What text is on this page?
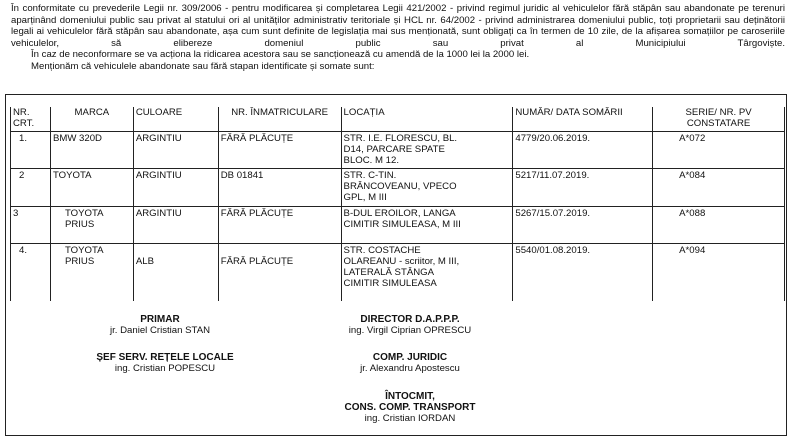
În conformitate cu prevederile Legii nr. 309/2006 - pentru modificarea și completarea Legii 421/2002 - privind regimul juridic al vehiculelor fără stăpân sau abandonate pe terenuri aparținând domeniului public sau privat al statului ori al unităților administrativ teritoriale și HCL nr. 64/2002 - privind administrarea domeniului public, toți proprietarii sau deținătorii legali ai vehiculelor fără stăpân sau abandonate, așa cum sunt definite de legislația mai sus menționată, sunt obligați ca în termen de 10 zile, de la afișarea somațiilor pe caroseriile vehiculelor, să elibereze domeniul public sau privat al Municipiului Târgoviște.

În caz de neconformare se va acționa la ridicarea acestora sau se sancționează cu amendă de la 1000 lei la 2000 lei.

Menționăm că vehiculele abandonate sau fără stapan identificate și somate sunt:

NR. CRT.	MARCA	CULOARE	NR. ÎNMATRICULARE	LOCAȚIA	NUMĂR/ DATA SOMĂRII	SERIE/ NR. PV CONSTATARE
1.	BMW 320D	ARGINTIU	FĂRĂ PLĂCUȚE	STR. I.E. FLORESCU, BL. D14, PARCARE SPATE BLOC. M 12.	4779/20.06.2019.	A*072
2	TOYOTA	ARGINTIU	DB 01841	STR. C-TIN. BRÂNCOVEANU, VPECO GPL, M III	5217/11.07.2019.	A*084
3	TOYOTA PRIUS	ARGINTIU	FĂRĂ PLĂCUȚE	B-DUL EROILOR, LANGA CIMITIR SIMULEASA, M III	5267/15.07.2019.	A*088
4.	TOYOTA PRIUS	ALB	FĂRĂ PLĂCUȚE	STR. COSTACHE OLAREANU - scriitor, M III, LATERALĂ STÂNGA CIMITIR SIMULEASA	5540/01.08.2019.	A*094
PRIMAR
jr. Daniel Cristian STAN
DIRECTOR D.A.P.P.P.
ing. Virgil Ciprian OPRESCU
ȘEF SERV. REȚELE LOCALE
ing. Cristian POPESCU
COMP. JURIDIC
jr. Alexandru Apostescu
ÎNTOCMIT,
CONS. COMP. TRANSPORT
ing. Cristian IORDAN
